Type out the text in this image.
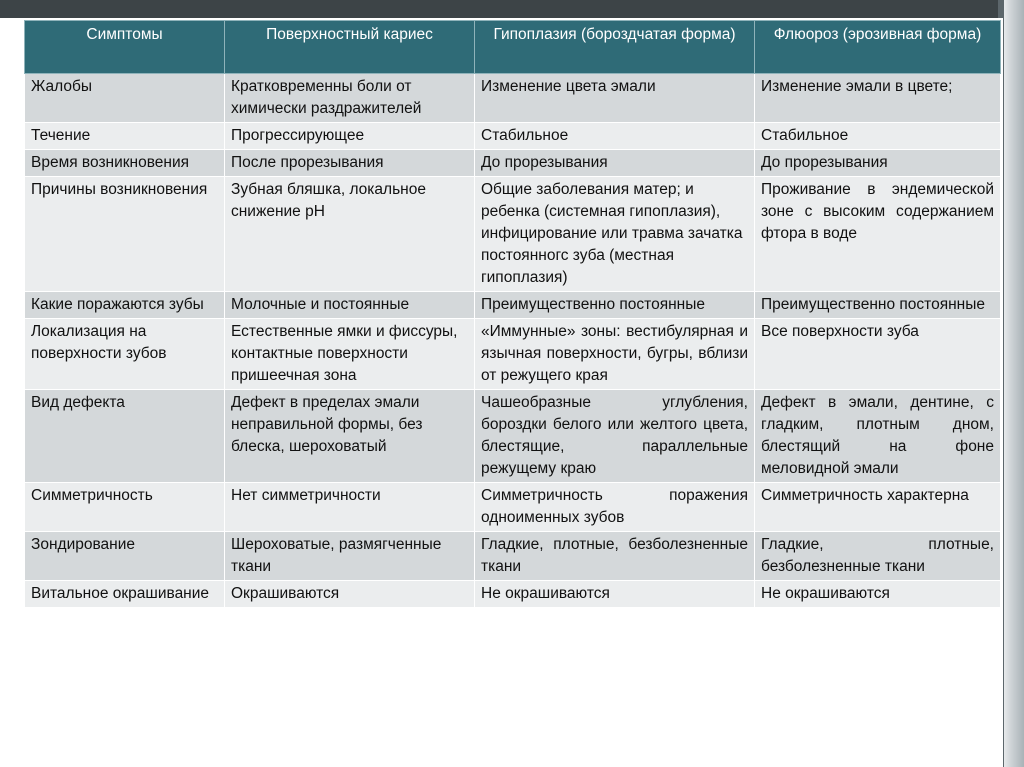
Симптомы	Поверхностный кариес	Гипоплазия (бороздчатая форма)	Флюороз (эрозивная форма)
Жалобы	Кратковременны боли от химически раздражителей	Изменение цвета эмали	Изменение эмали в цвете;
Течение	Прогрессирующее	Стабильное	Стабильное
Время возникновения	После прорезывания	До прорезывания	До прорезывания
Причины возникновения	Зубная бляшка, локальное снижение pH	Общие заболевания матер; и ребенка (системная гипоплазия), инфицирование или травма зачатка постоянногс зуба (местная гипоплазия)	Проживание в эндемической зоне с высоким содержанием фтора в воде
Какие поражаются зубы	Молочные и постоянные	Преимущественно постоянные	Преимущественно постоянные
Локализация на поверхности зубов	Естественные ямки и фиссуры, контактные поверхности пришеечная зона	«Иммунные» зоны: вестибулярная и язычная поверхности, бугры, вблизи от режущего края	Все поверхности зуба
Вид дефекта	Дефект в пределах эмали неправильной формы, без блеска, шероховатый	Чашеобразные углубления, бороздки белого или желтого цвета, блестящие, параллельные режущему краю	Дефект в эмали, дентине, с гладким, плотным дном, блестящий на фоне меловидной эмали
Симметричность	Нет симметричности	Симметричность поражения одноименных зубов	Симметричность характерна
Зондирование	Шероховатые, размягченные ткани	Гладкие, плотные, безболезненные ткани	Гладкие, плотные, безболезненные ткани
Витальное окрашивание	Окрашиваются	Не окрашиваются	Не окрашиваются
